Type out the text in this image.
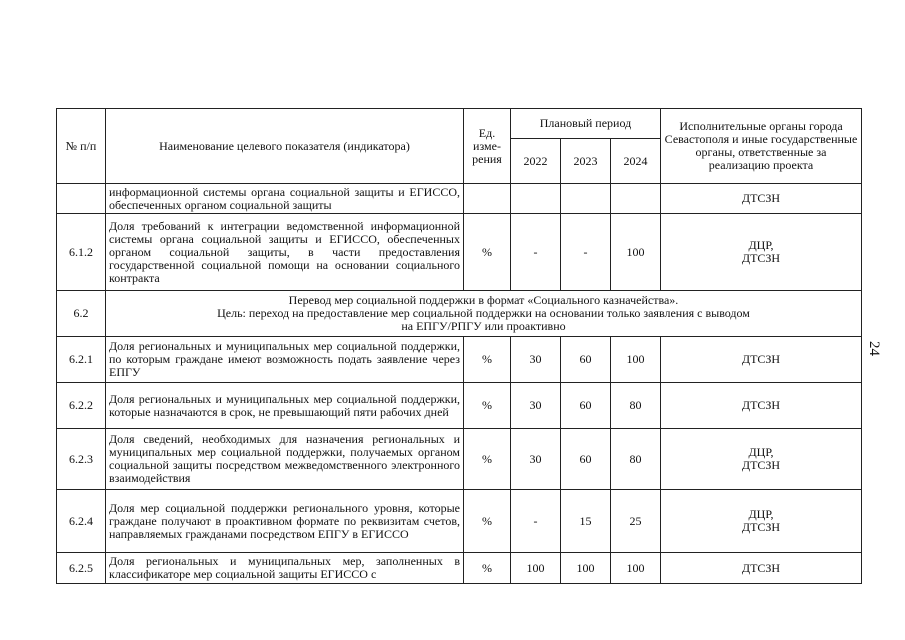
24
№ п/п	Наименование целевого показателя (индикатора)	Ед. изме-рения	Плановый период			Исполнительные органы города Севастополя и иные государственные органы, ответственные за реализацию проекта
			2022	2023	2024	
	информационной системы органа социальной защиты и ЕГИССО, обеспеченных органом социальной защиты					ДТСЗН
6.1.2	Доля требований к интеграции ведомственной информационной системы органа социальной защиты и ЕГИССО, обеспеченных органом социальной защиты, в части предоставления государственной социальной помощи на основании социального контракта	%	-	-	100	ДЦР,
ДТСЗН
6.2	Перевод мер социальной поддержки в формат «Социального казначейства».
Цель: переход на предоставление мер социальной поддержки на основании только заявления с выводом
на ЕПГУ/РПГУ или проактивно					

6.2.1	Доля региональных и муниципальных мер социальной поддержки, по которым граждане имеют возможность подать заявление через ЕПГУ	%	30	60	100	ДТСЗН
6.2.2	Доля региональных и муниципальных мер социальной поддержки, которые назначаются в срок, не превышающий пяти рабочих дней	%	30	60	80	ДТСЗН
6.2.3	Доля сведений, необходимых для назначения региональных и муниципальных мер социальной поддержки, получаемых органом социальной защиты посредством межведомственного электронного взаимодействия	%	30	60	80	ДЦР,
ДТСЗН
6.2.4	Доля мер социальной поддержки регионального уровня, которые граждане получают в проактивном формате по реквизитам счетов, направляемых гражданами посредством ЕПГУ в ЕГИССО	%	-	15	25	ДЦР,
ДТСЗН
6.2.5	Доля региональных и муниципальных мер, заполненных в классификаторе мер социальной защиты ЕГИССО с	%	100	100	100	ДТСЗН
